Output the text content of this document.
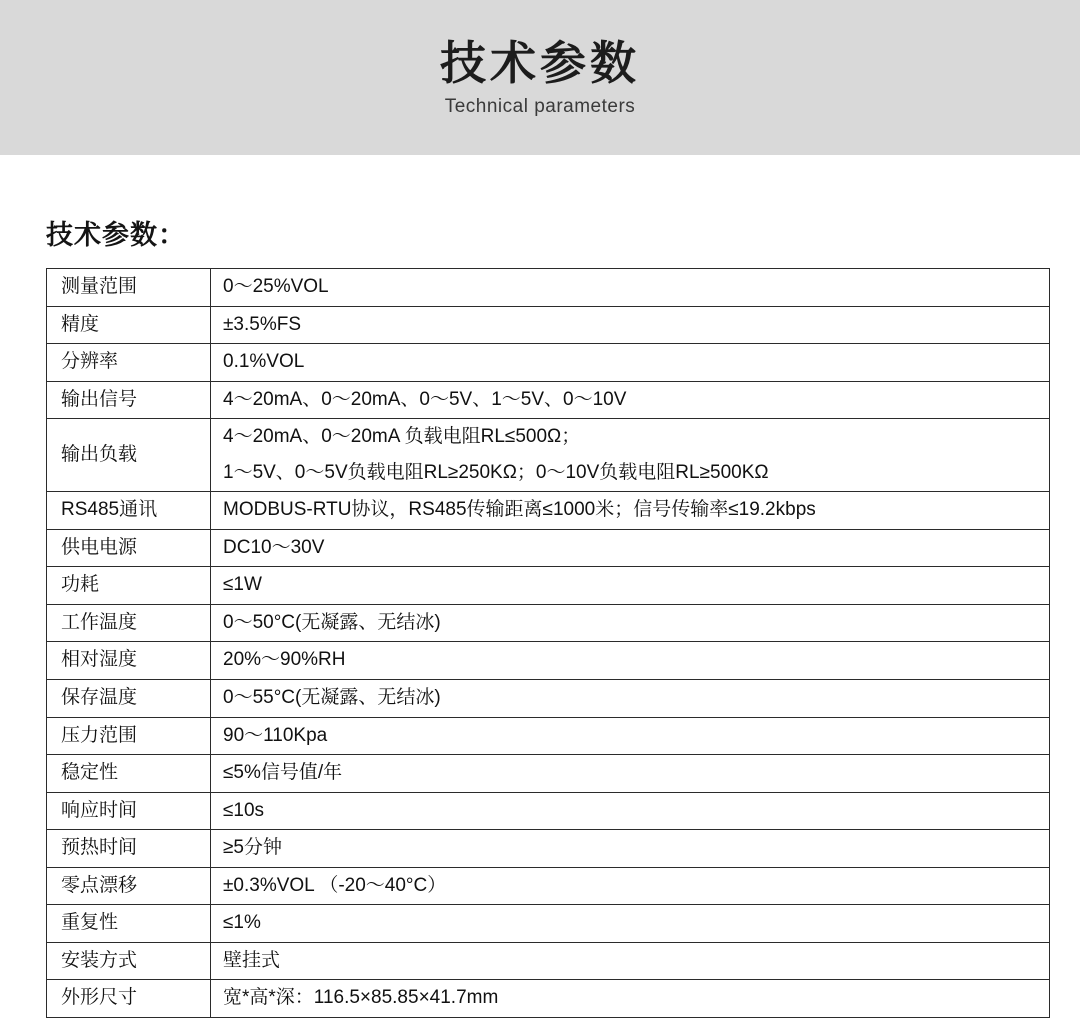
技术参数
Technical parameters
技术参数：
测量范围	0～25%VOL

精度	±3.5%FS

分辨率	0.1%VOL

输出信号	4～20mA、0～20mA、0～5V、1～5V、0～10V

输出负载	4～20mA、0～20mA 负载电阻RL≤500Ω；
1～5V、0～5V负载电阻RL≥250KΩ；0～10V负载电阻RL≥500KΩ

RS485通讯	MODBUS-RTU协议，RS485传输距离≤1000米；信号传输率≤19.2kbps

供电电源	DC10～30V

功耗	≤1W

工作温度	0～50°C(无凝露、无结冰)

相对湿度	20%～90%RH

保存温度	0～55°C(无凝露、无结冰)

压力范围	90～110Kpa

稳定性	≤5%信号值/年

响应时间	≤10s

预热时间	≥5分钟

零点漂移	±0.3%VOL （-20～40°C）

重复性	≤1%

安装方式	壁挂式

外形尺寸	宽*高*深：116.5×85.85×41.7mm
